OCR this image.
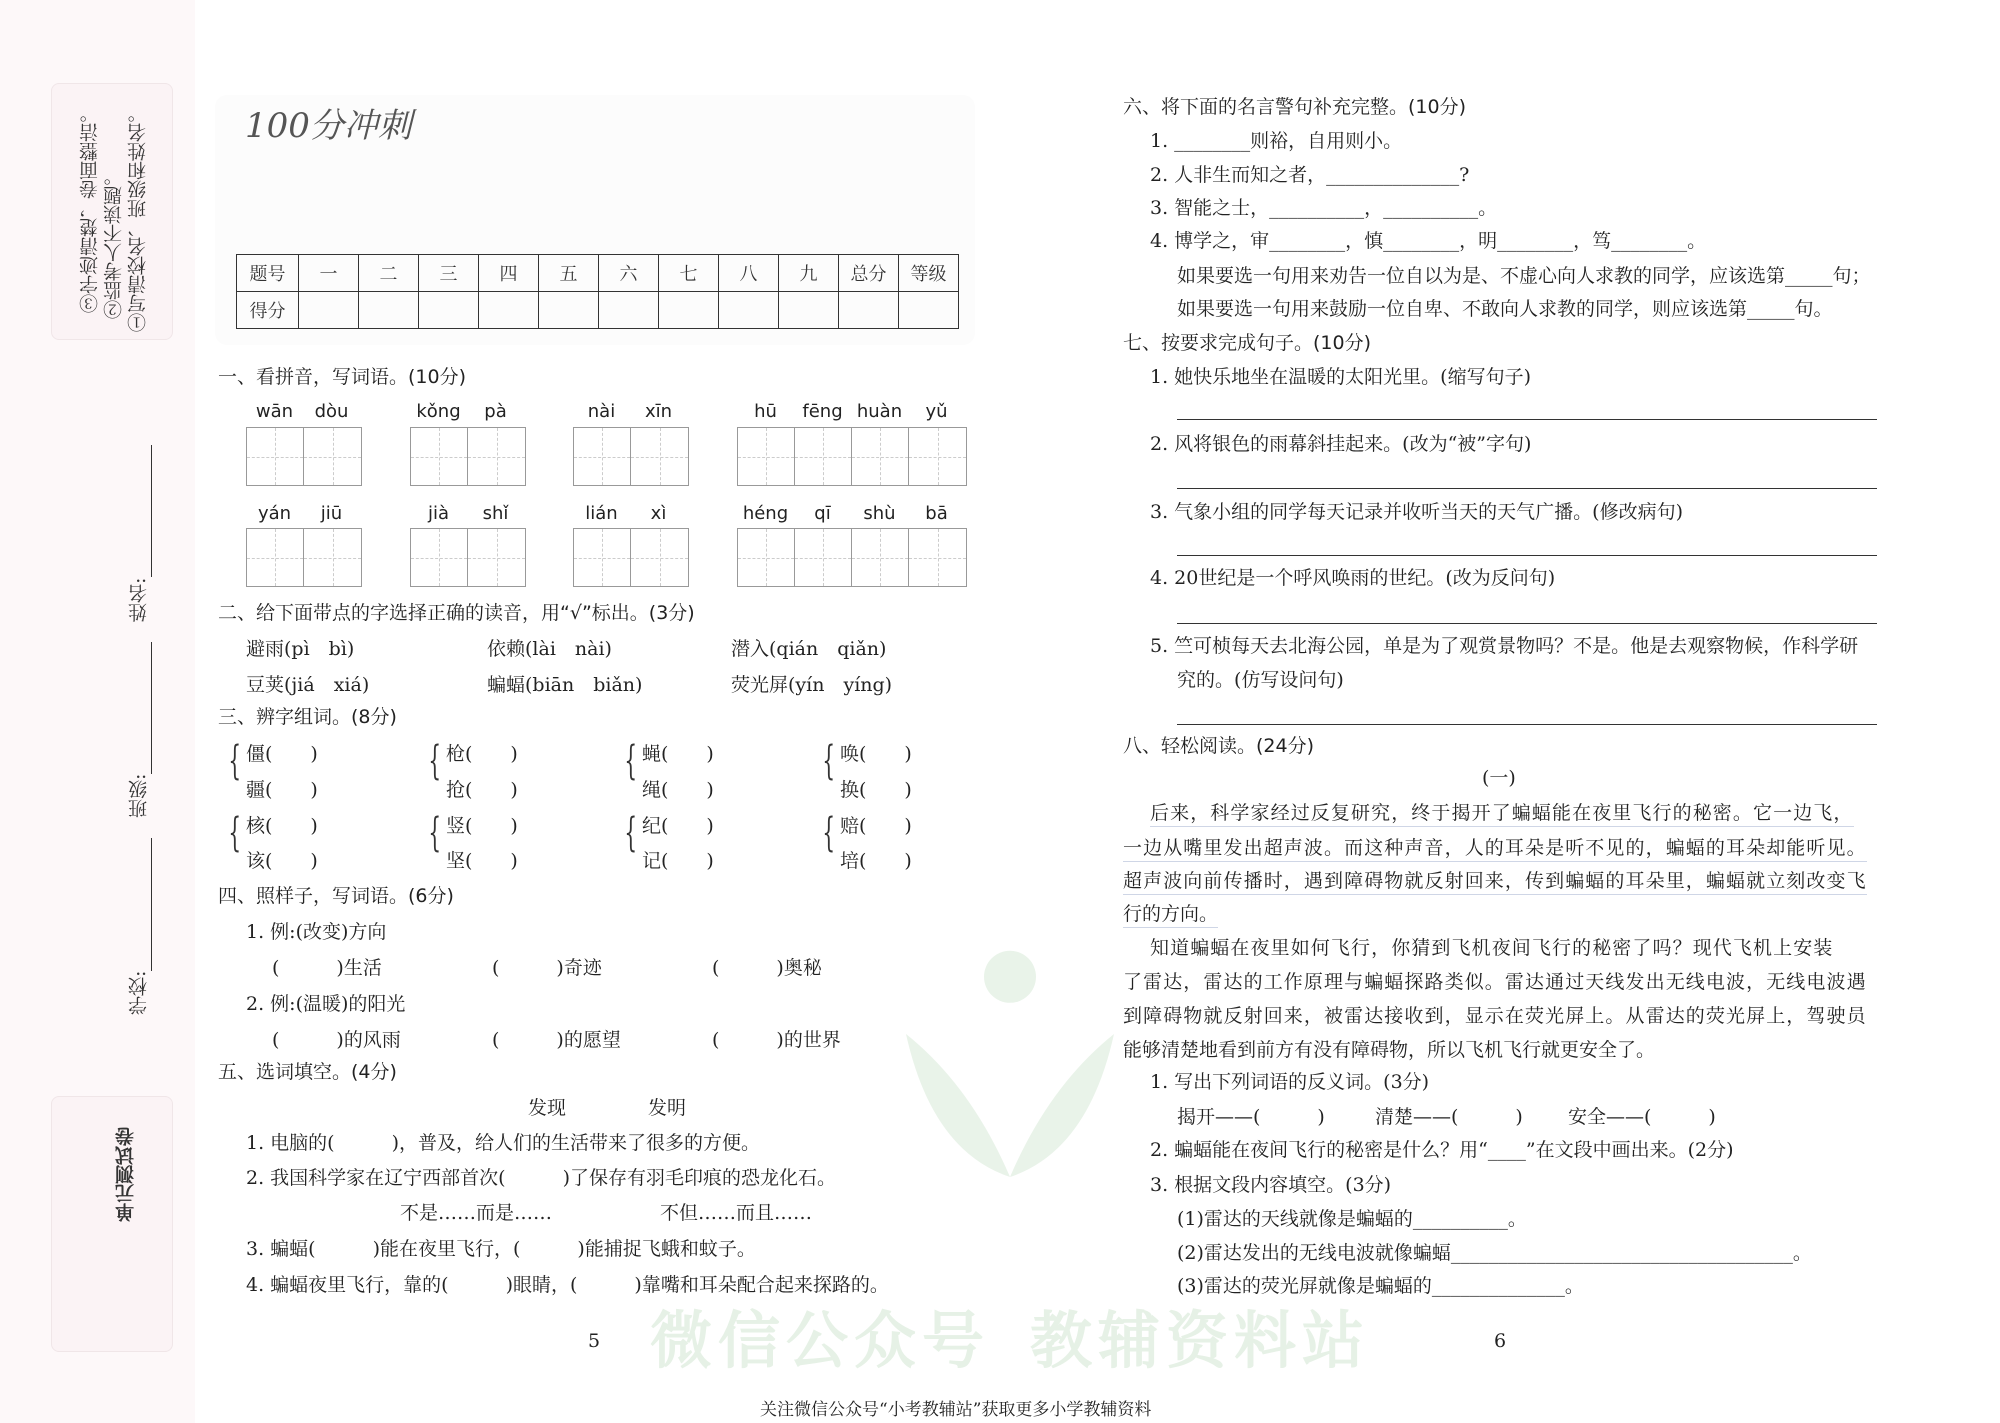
①写清校名、班级和姓名。
②监考人不读题。
③字迹清楚，卷面整洁。
学校:
班级:
姓名:
单元测试卷
微信公众号 教辅资料站
100分冲刺
题号	一	二	三	四	五	六	七	八	九	总分	等级
得分											
一、看拼音，写词语。(10分)
wān	dòu	kǒng	pà	nài	xīn	hū	fēng huàn	yǔ
yán	jiū	jià	shǐ	lián	xì	héng	qī	shù	bā
二、给下面带点的字选择正确的读音，用“√”标出。(3分)
避雨(pì　bì)	依赖(lài　nài)	潜入(qián　qiǎn)
豆荚(jiá　xiá)	蝙蝠(biān　biǎn)	荧光屏(yín　yíng)
三、辨字组词。(8分)
{ 僵(　　)
疆(　　)
{ 枪(　　)
抢(　　)
{ 蝇(　　)
绳(　　)
{ 唤(　　)
换(　　)
{ 核(　　)
该(　　)
{ 竖(　　)
坚(　　)
{ 纪(　　)
记(　　)
{ 赔(　　)
培(　　)
四、照样子，写词语。(6分)
1. 例:(改变)方向
(　　　)生活	(　　　)奇迹	(　　　)奥秘
2. 例:(温暖)的阳光
(　　　)的风雨	(　　　)的愿望	(　　　)的世界
五、选词填空。(4分)
发现	发明
1. 电脑的(　　　)，普及，给人们的生活带来了很多的方便。
2. 我国科学家在辽宁西部首次(　　　)了保存有羽毛印痕的恐龙化石。
不是……而是……	不但……而且……
3. 蝙蝠(　　　)能在夜里飞行，(　　　)能捕捉飞蛾和蚊子。
4. 蝙蝠夜里飞行，靠的(　　　)眼睛，(　　　)靠嘴和耳朵配合起来探路的。
5
六、将下面的名言警句补充完整。(10分)
1. ________则裕，自用则小。
2. 人非生而知之者，______________?
3. 智能之士，__________，__________。
4. 博学之，审________，慎________，明________，笃________。
如果要选一句用来劝告一位自以为是、不虚心向人求教的同学，应该选第_____句；
如果要选一句用来鼓励一位自卑、不敢向人求教的同学，则应该选第_____句。
七、按要求完成句子。(10分)
1. 她快乐地坐在温暖的太阳光里。(缩写句子)
2. 风将银色的雨幕斜挂起来。(改为“被”字句)
3. 气象小组的同学每天记录并收听当天的天气广播。(修改病句)
4. 20世纪是一个呼风唤雨的世纪。(改为反问句)
5. 竺可桢每天去北海公园，单是为了观赏景物吗？不是。他是去观察物候，作科学研
究的。(仿写设问句)
八、轻松阅读。(24分)
(一)
后来，科学家经过反复研究，终于揭开了蝙蝠能在夜里飞行的秘密。它一边飞，
一边从嘴里发出超声波。而这种声音，人的耳朵是听不见的，蝙蝠的耳朵却能听见。
超声波向前传播时，遇到障碍物就反射回来，传到蝙蝠的耳朵里，蝙蝠就立刻改变飞
行的方向。
知道蝙蝠在夜里如何飞行，你猜到飞机夜间飞行的秘密了吗？现代飞机上安装
了雷达，雷达的工作原理与蝙蝠探路类似。雷达通过天线发出无线电波，无线电波遇
到障碍物就反射回来，被雷达接收到，显示在荧光屏上。从雷达的荧光屏上，驾驶员
能够清楚地看到前方有没有障碍物，所以飞机飞行就更安全了。
1. 写出下列词语的反义词。(3分)
揭开——(　　　)	清楚——(　　　) 安全——(　　　)
2. 蝙蝠能在夜间飞行的秘密是什么？用“____”在文段中画出来。(2分)
3. 根据文段内容填空。(3分)
(1)雷达的天线就像是蝙蝠的__________。
(2)雷达发出的无线电波就像蝙蝠____________________________________。
(3)雷达的荧光屏就像是蝙蝠的______________。
6
关注微信公众号“小考教辅站”获取更多小学教辅资料
